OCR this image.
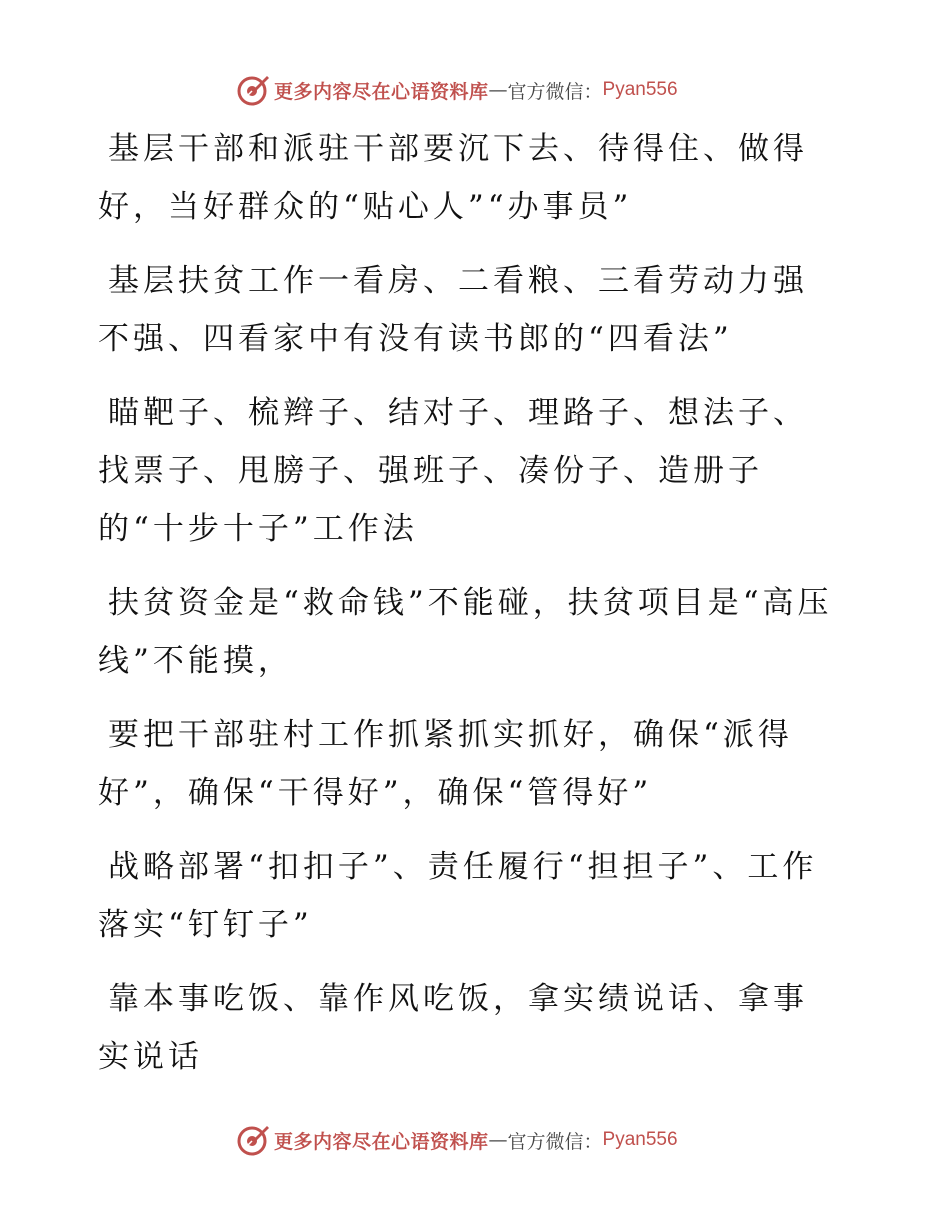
更多内容尽在心语资料库 — 官方微信： Pyan556

基层干部和派驻干部要沉下去、待得住、做得好，当好群众的“贴心人”“办事员”

基层扶贫工作一看房、二看粮、三看劳动力强不强、四看家中有没有读书郎的“四看法”

瞄靶子、梳辫子、结对子、理路子、想法子、找票子、甩膀子、强班子、凑份子、造册子的“十步十子”工作法

扶贫资金是“救命钱”不能碰，扶贫项目是“高压线”不能摸，

要把干部驻村工作抓紧抓实抓好，确保“派得好”，确保“干得好”，确保“管得好”

战略部署“扣扣子”、责任履行“担担子”、工作落实“钉钉子”

靠本事吃饭、靠作风吃饭，拿实绩说话、拿事实说话

更多内容尽在心语资料库 — 官方微信： Pyan556
